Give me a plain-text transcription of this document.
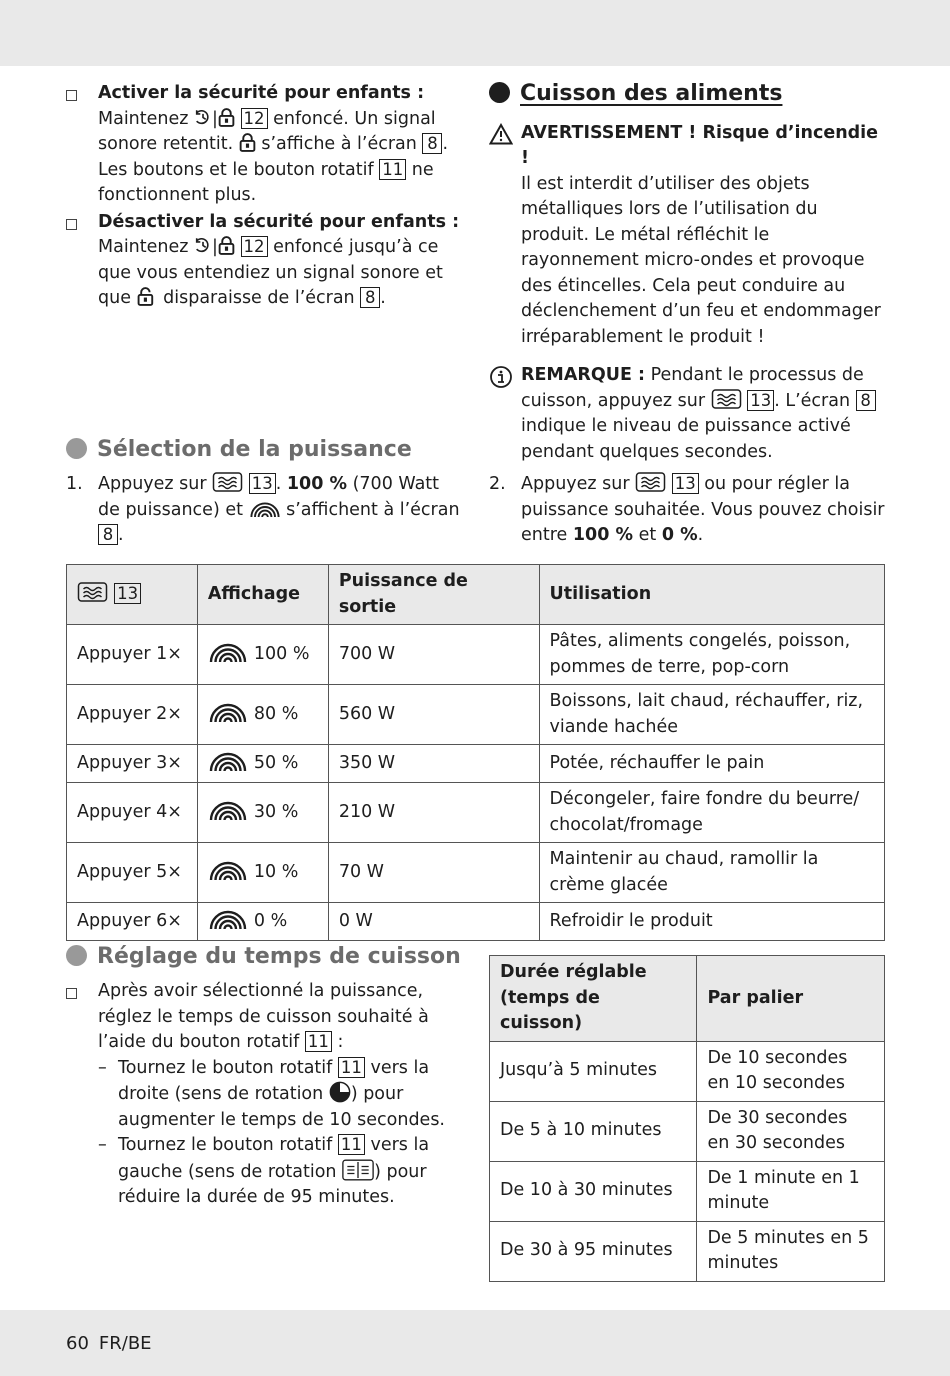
Activer la sécurité pour enfants :
Maintenez | 12 enfoncé. Un signal sonore retentit. s’affiche à l’écran 8 . Les boutons et le bouton rotatif 11 ne fonctionnent plus.
Désactiver la sécurité pour enfants :
Maintenez | 12 enfoncé jusqu’à ce que vous entendiez un signal sonore et que disparaisse de l’écran 8 .
Cuisson des aliments
AVERTISSEMENT ! Risque d’incendie !
Il est interdit d’utiliser des objets métalliques lors de l’utilisation du produit. Le métal réfléchit le rayonnement micro-ondes et provoque des étincelles. Cela peut conduire au déclenchement d’un feu et endommager irréparablement le produit !
REMARQUE : Pendant le processus de cuisson, appuyez sur	13 . L’écran 8 indique le niveau de puissance activé pendant quelques secondes.
Sélection de la puissance
1. Appuyez sur	13 . 100 % (700 Watt de puissance) et s’affichent à l’écran 8 .
2. Appuyez sur	13 ou pour régler la puissance souhaitée. Vous pouvez choisir entre 100 % et 0 %.
13	Affichage	Puissance de sortie	Utilisation
Appuyer 1×	100 %	700 W	Pâtes, aliments congelés, poisson, pommes de terre, pop-corn
Appuyer 2×	80 %	560 W	Boissons, lait chaud, réchauffer, riz, viande hachée
Appuyer 3×	50 %	350 W	Potée, réchauffer le pain
Appuyer 4×	30 %	210 W	Décongeler, faire fondre du beurre/ chocolat/fromage
Appuyer 5×	10 %	70 W	Maintenir au chaud, ramollir la crème glacée
Appuyer 6×	0 %	0 W	Refroidir le produit
Réglage du temps de cuisson
Après avoir sélectionné la puissance, réglez le temps de cuisson souhaité à l’aide du bouton rotatif 11 :
– Tournez le bouton rotatif 11 vers la droite (sens de rotation ) pour augmenter le temps de 10 secondes.
– Tournez le bouton rotatif 11 vers la gauche (sens de rotation ) pour réduire la durée de 95 minutes.
Durée réglable (temps de cuisson)	Par palier
Jusqu’à 5 minutes	De 10 secondes en 10 secondes
De 5 à 10 minutes	De 30 secondes en 30 secondes
De 10 à 30 minutes	De 1 minute en 1 minute
De 30 à 95 minutes	De 5 minutes en 5 minutes
60 FR/BE
